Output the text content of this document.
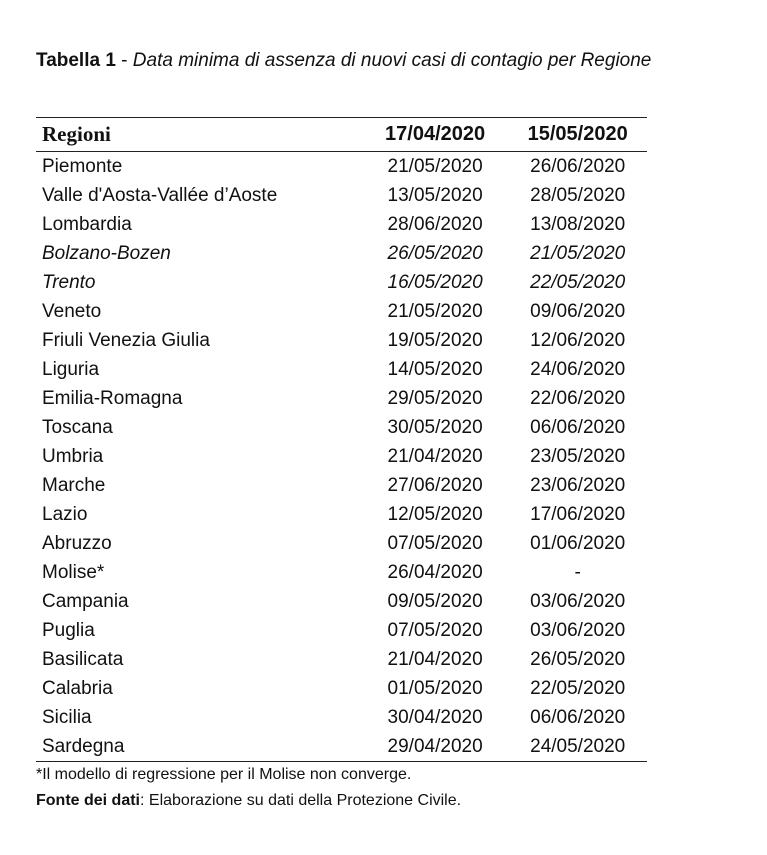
Tabella 1 - Data minima di assenza di nuovi casi di contagio per Regione
Regioni	17/04/2020	15/05/2020
Piemonte	21/05/2020	26/06/2020
Valle d'Aosta-Vallée d’Aoste	13/05/2020	28/05/2020
Lombardia	28/06/2020	13/08/2020
Bolzano-Bozen	26/05/2020	21/05/2020
Trento	16/05/2020	22/05/2020
Veneto	21/05/2020	09/06/2020
Friuli Venezia Giulia	19/05/2020	12/06/2020
Liguria	14/05/2020	24/06/2020
Emilia-Romagna	29/05/2020	22/06/2020
Toscana	30/05/2020	06/06/2020
Umbria	21/04/2020	23/05/2020
Marche	27/06/2020	23/06/2020
Lazio	12/05/2020	17/06/2020
Abruzzo	07/05/2020	01/06/2020
Molise*	26/04/2020	-
Campania	09/05/2020	03/06/2020
Puglia	07/05/2020	03/06/2020
Basilicata	21/04/2020	26/05/2020
Calabria	01/05/2020	22/05/2020
Sicilia	30/04/2020	06/06/2020
Sardegna	29/04/2020	24/05/2020
*Il modello di regressione per il Molise non converge.
Fonte dei dati: Elaborazione su dati della Protezione Civile.
